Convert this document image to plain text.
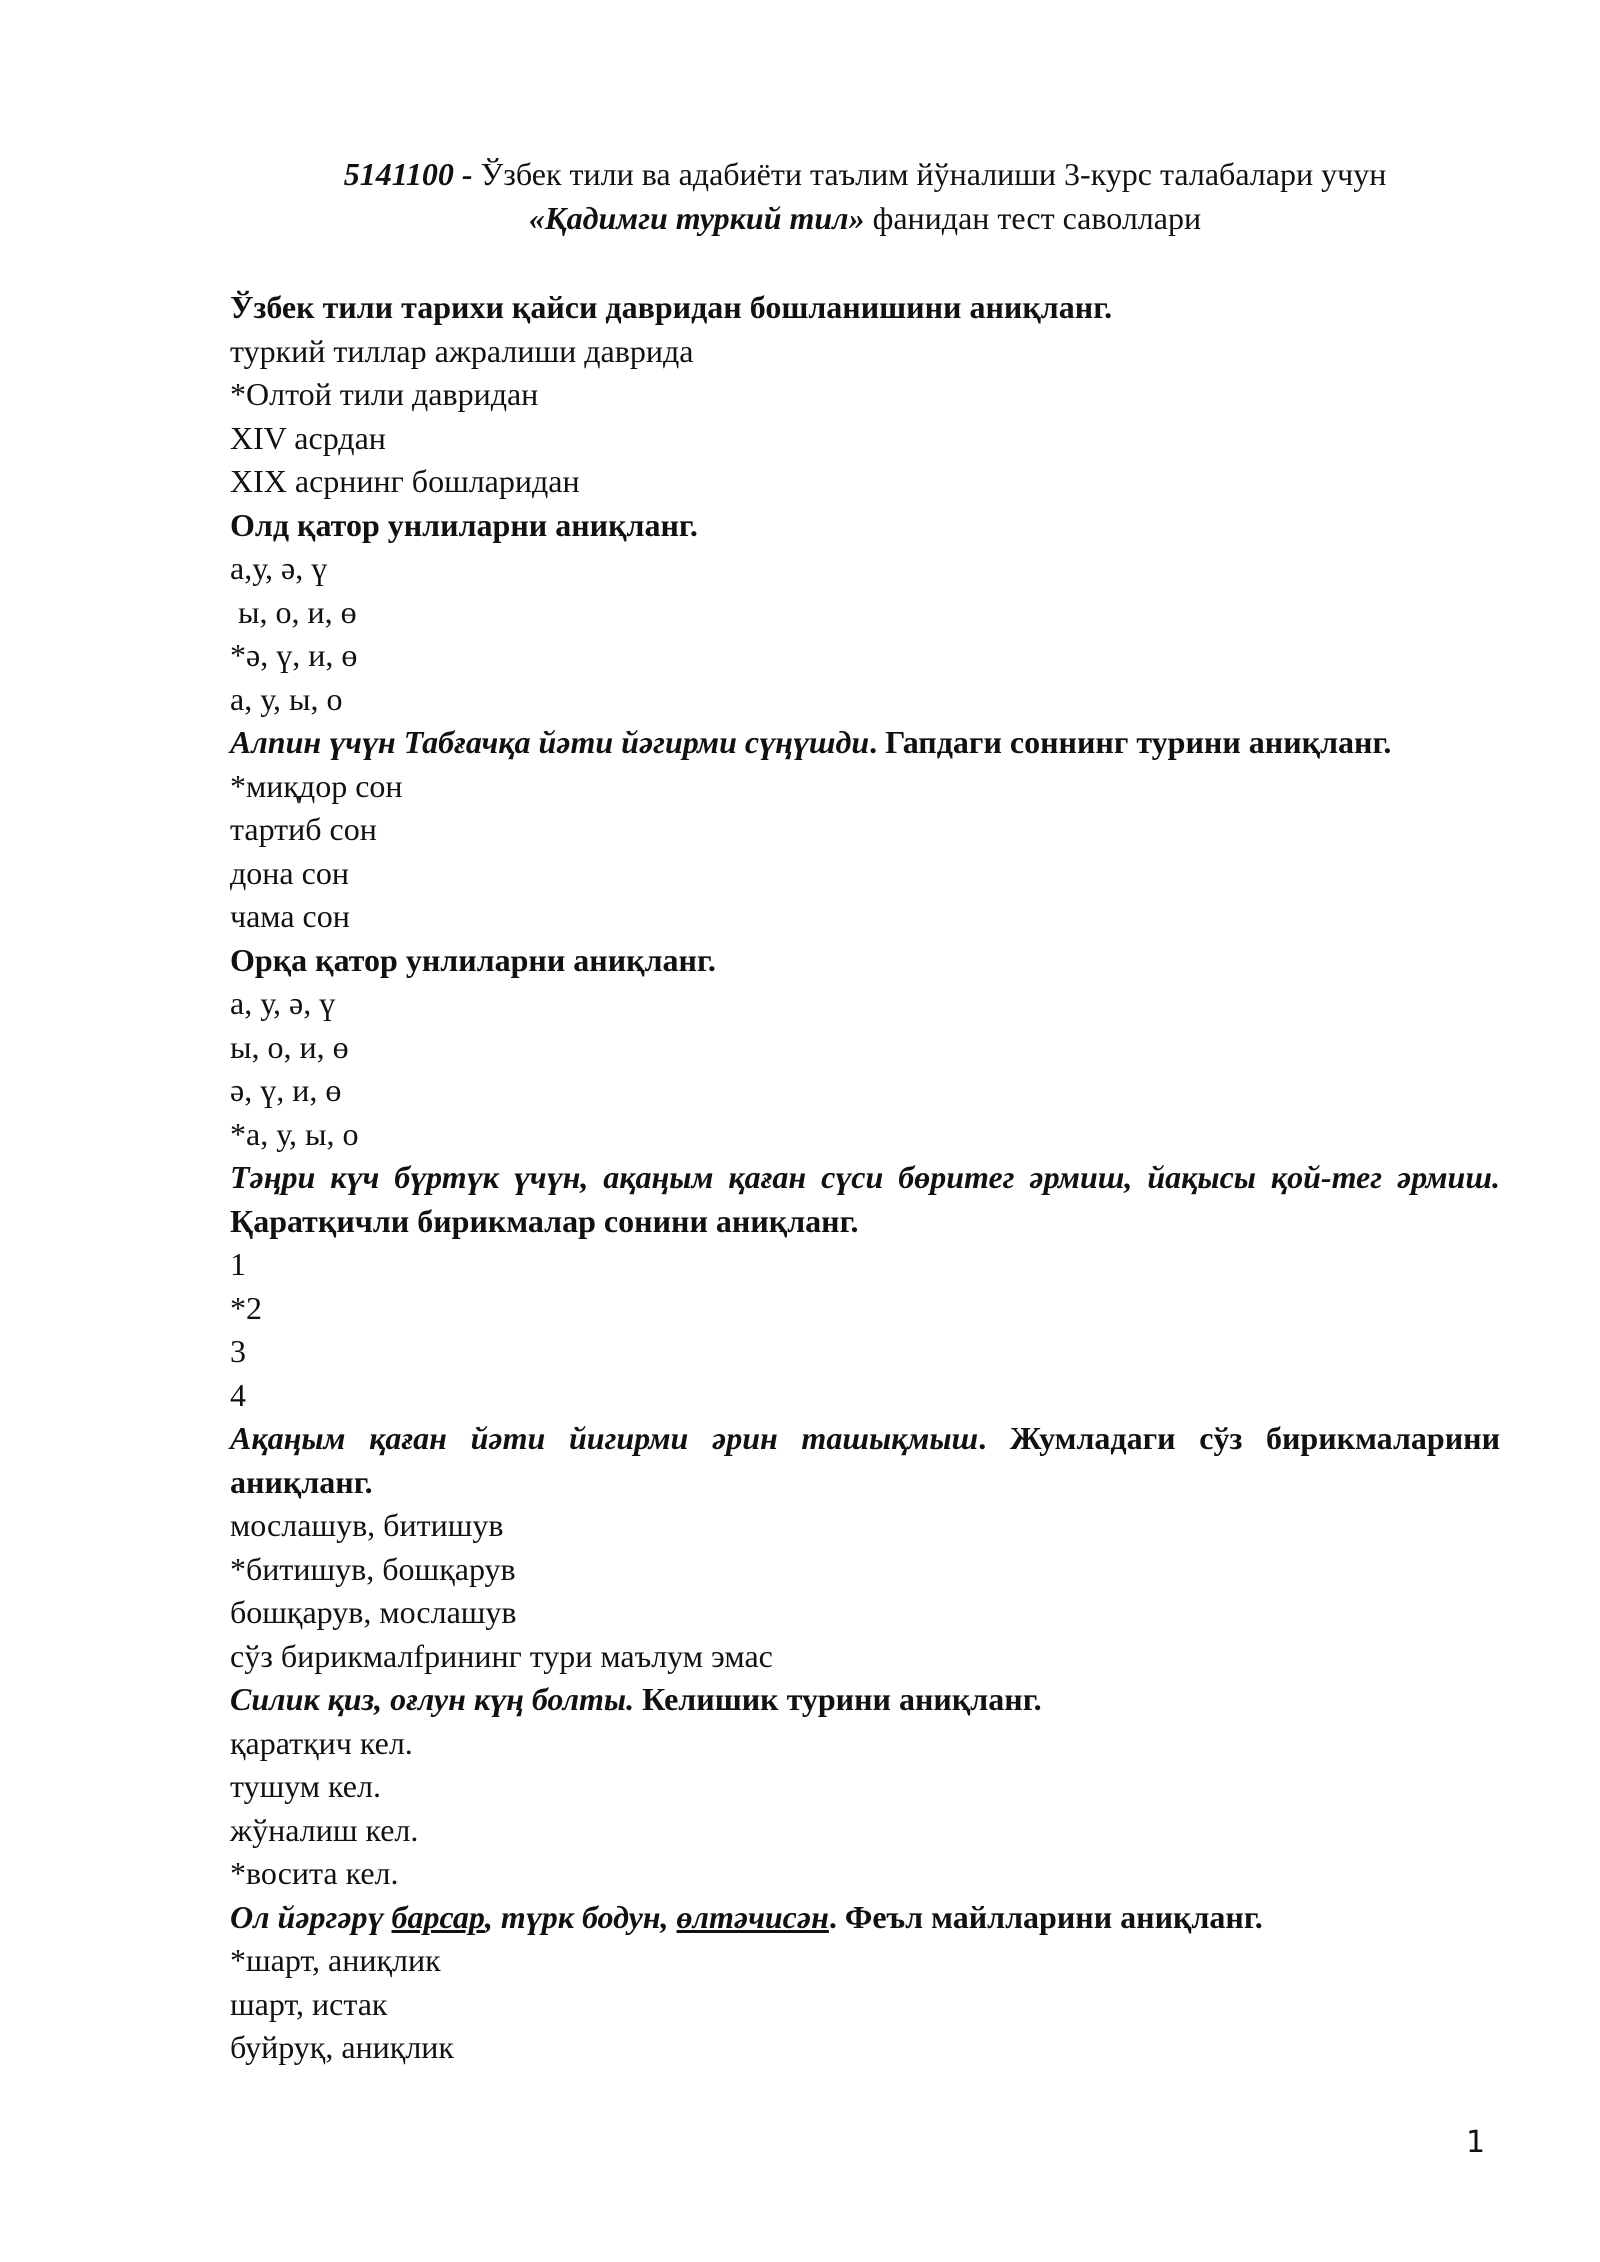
5141100 - Ўзбек тили ва адабиёти таълим йўналиши 3-курс талабалари учун
«Қадимги туркий тил» фанидан тест саволлари
Ўзбек тили тарихи қайси давридан бошланишини аниқланг.
туркий тиллар ажралиши даврида
*Олтой тили давридан
XIV асрдан
XIX асрнинг бошларидан
Олд қатор унлиларни аниқланг.
а,у, ә, ү
ы, о, и, ө
*ә, ү, и, ө
а, у, ы, о
Алпин үчүн Табғачқа йәти йәгирми сүңүшди. Гапдаги соннинг турини аниқланг.
*миқдор сон
тартиб сон
дона сон
чама сон
Орқа қатор унлиларни аниқланг.
а, у, ә, ү
ы, о, и, ө
ә, ү, и, ө
*а, у, ы, о
Тәңри күч бүртүк үчүн, ақаңым қаған сүси бөритег әрмиш, йақысы қой-тег әрмиш. Қаратқичли бирикмалар сонини аниқланг.
1
*2
3
4
Ақаңым қаған йәти йигирми әрин ташықмыш. Жумладаги сўз бирикмаларини аниқланг.
мослашув, битишув
*битишув, бошқарув
бошқарув, мослашув
сўз бирикмалfрининг тури маълум эмас
Силик қиз, оғлун күң болты. Келишик турини аниқланг.
қаратқич кел.
тушум кел.
жўналиш кел.
*восита кел.
Ол йәргәрү барсар, түрк бодун, өлтәчисән. Феъл майлларини аниқланг.
*шарт, аниқлик
шарт, истак
буйруқ, аниқлик
1
